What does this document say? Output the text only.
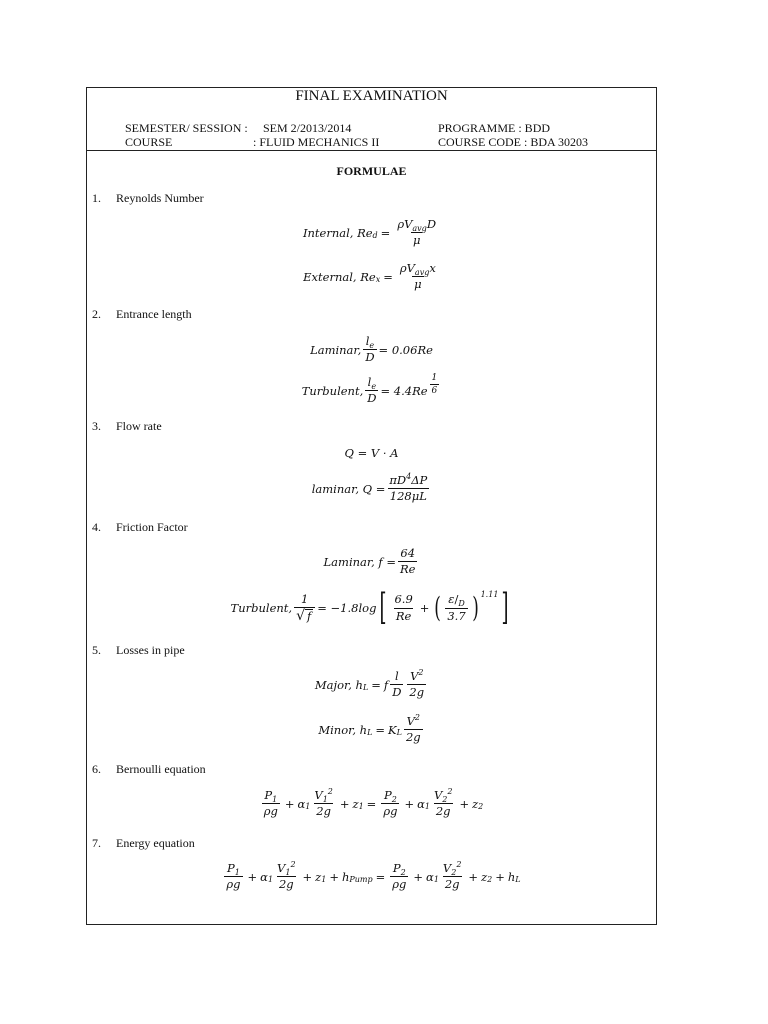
FINAL EXAMINATION
SEMESTER/ SESSION : SEM 2/2013/2014	PROGRAMME : BDD
COURSE	: FLUID MECHANICS II	COURSE CODE : BDA 30203
FORMULAE
1. Reynolds Number
2. Entrance length
3. Flow rate
4. Friction Factor
5. Losses in pipe
6. Bernoulli equation
7. Energy equation
Internal, Re $d = \frac{\rho V_{avg}D}{\mu}$
External, Re $x = \frac{\rho V_{avg}x}{\mu}$
Laminar, $\frac{l_e}{D} = 0.06Re$
Turbulent, $\frac{l_e}{D} = 4.4Re \frac{1}{6}$
Q = V · A
laminar, $Q = \frac{\pi D^4\Delta P}{128\mu L}$
Laminar, $f = \frac{64}{Re}$
Turbulent, $\frac{1}{√ f} = -1.8\log$ [ $\frac{6.9}{Re}$ + ( $\frac{\varepsilon/_D}{3.7}$ ) 1.11 ]
Major, h L = f $\frac{l}{D} \frac{V^2}{2g}$
Minor, h L = K L $\frac{V^2}{2g}$
$\frac{P_1}{\rho g} + \alpha$ $1 \frac{V_1^2}{2g} + z$ $1 = \frac{P_2}{\rho g} + \alpha$ $1 \frac{V_2^2}{2g} + z$ 2
$\frac{P_1}{\rho g} + \alpha$ $1 \frac{V_1^2}{2g} + z$ 1 + h Pump = $\frac{P_2}{\rho g} + \alpha$ $1 \frac{V_2^2}{2g} + z$ 2 + h L
